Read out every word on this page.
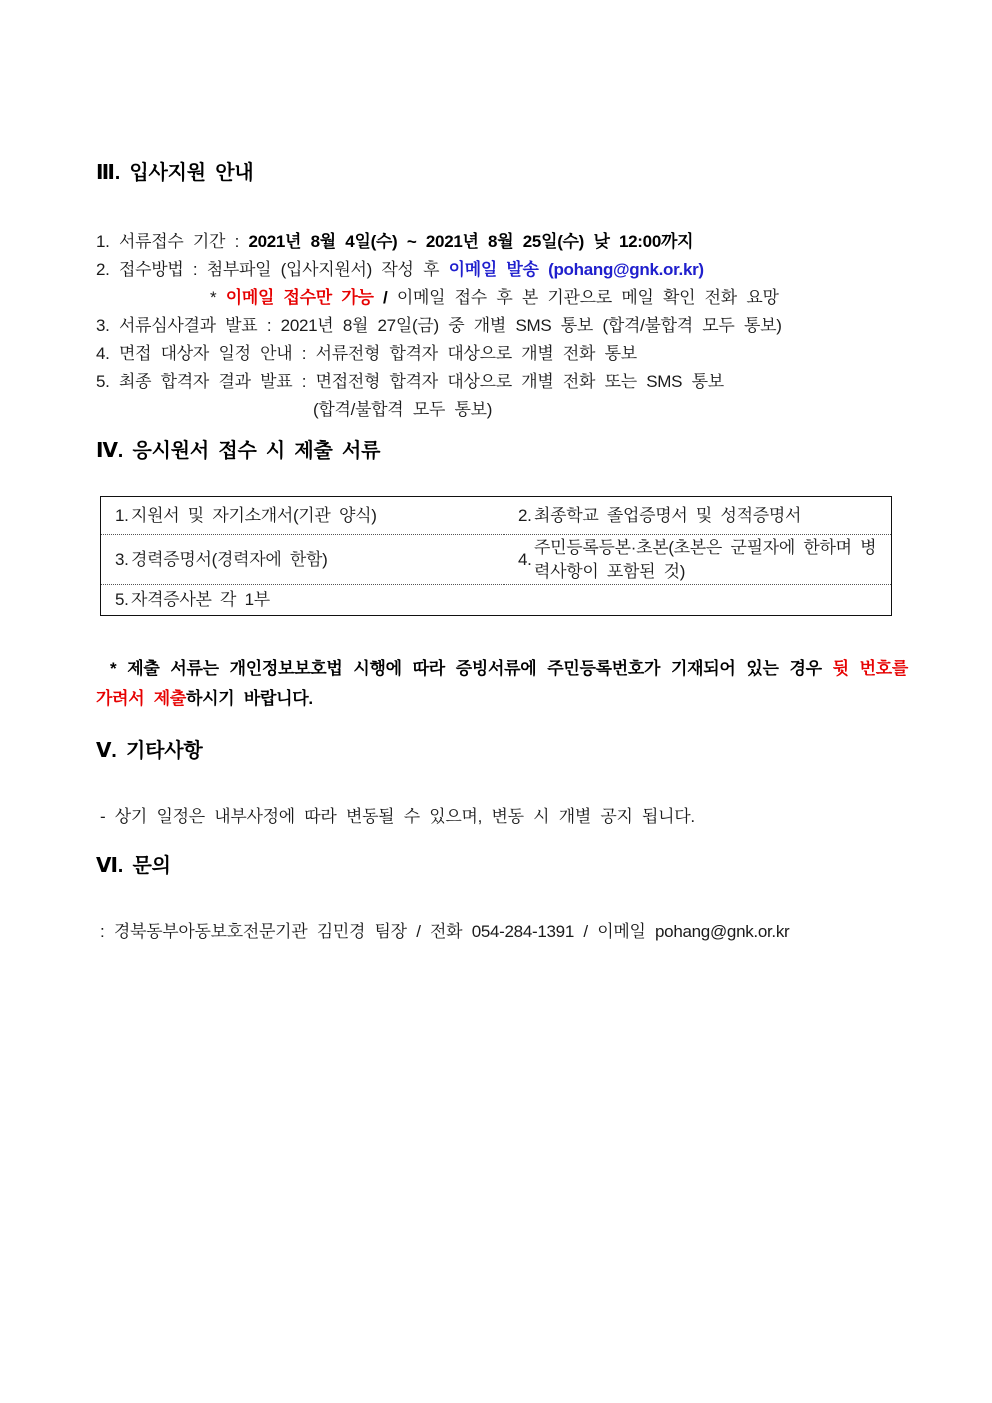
Ⅲ. 입사지원 안내
1. 서류접수 기간 : 2021년 8월 4일(수) ~ 2021년 8월 25일(수) 낮 12:00까지
2. 접수방법 : 첨부파일 (입사지원서) 작성 후 이메일 발송 (pohang@gnk.or.kr)
* 이메일 접수만 가능 / 이메일 접수 후 본 기관으로 메일 확인 전화 요망
3. 서류심사결과 발표 : 2021년 8월 27일(금) 중 개별 SMS 통보 (합격/불합격 모두 통보)
4. 면접 대상자 일정 안내 : 서류전형 합격자 대상으로 개별 전화 통보
5. 최종 합격자 결과 발표 : 면접전형 합격자 대상으로 개별 전화 또는 SMS 통보
(합격/불합격 모두 통보)
Ⅳ. 응시원서 접수 시 제출 서류
1. 지원서 및 자기소개서(기관 양식)	2. 최종학교 졸업증명서 및 성적증명서

3. 경력증명서(경력자에 한함)	4.
주민등록등본·초본(초본은 군필자에 한하며 병력사항이 포함된 것)

5. 자격증사본 각 1부	

* 제출 서류는 개인정보보호법 시행에 따라 증빙서류에 주민등록번호가 기재되어 있는 경우 뒷 번호를 가려서 제출하시기 바랍니다.
Ⅴ. 기타사항
- 상기 일정은 내부사정에 따라 변동될 수 있으며, 변동 시 개별 공지 됩니다.
Ⅵ. 문의
: 경북동부아동보호전문기관 김민경 팀장 / 전화 054-284-1391 / 이메일 pohang@gnk.or.kr
